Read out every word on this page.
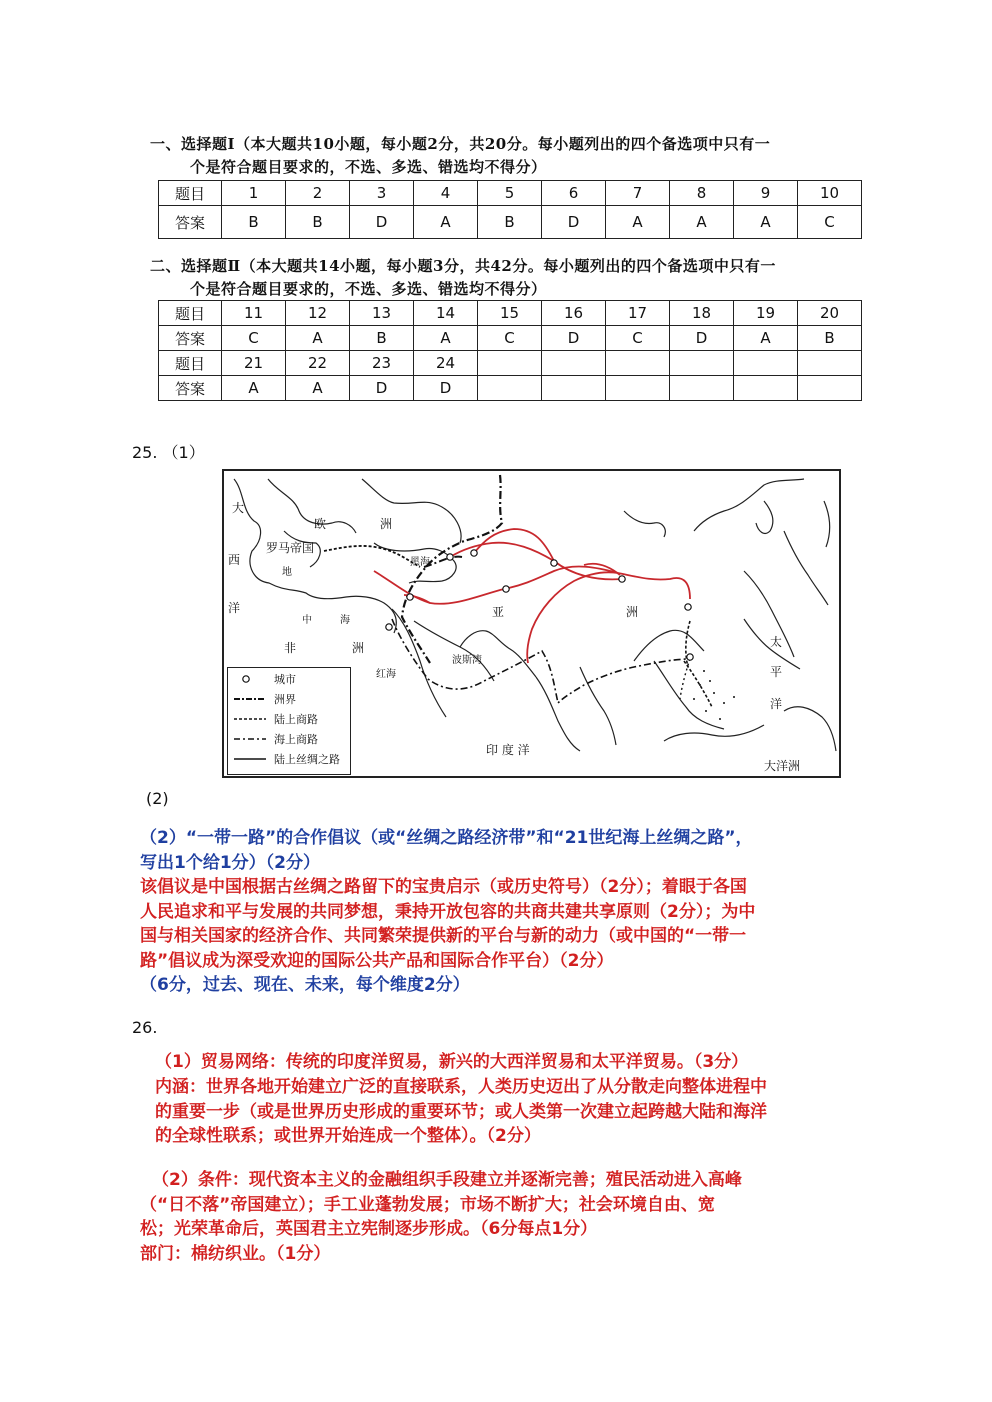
一、选择题Ⅰ（本大题共10小题，每小题2分，共20分。每小题列出的四个备选项中只有一
个是符合题目要求的，不选、多选、错选均不得分）
题目	1	2	3	4	5	6	7	8	9	10
答案	B	B	D	A	B	D	A	A	A	C
二、选择题Ⅱ（本大题共14小题，每小题3分，共42分。每小题列出的四个备选项中只有一
个是符合题目要求的，不选、多选、错选均不得分）
题目	11	12	13	14	15	16	17	18	19	20
答案	C	A	B	A	C	D	C	D	A	B
题目	21	22	23	24						
答案	A	A	D	D						
25. （1）
大
西
洋
欧	洲
罗马帝国
地
中	海
黑海
非	洲
亚	洲
红海
波斯湾
印 度 洋
太
平
洋
大洋洲
城市
洲界
陆上商路
海上商路
陆上丝绸之路
(2)
（2）“一带一路”的合作倡议（或“丝绸之路经济带”和“21世纪海上丝绸之路”，
写出1个给1分）（2分）
该倡议是中国根据古丝绸之路留下的宝贵启示（或历史符号）（2分）；着眼于各国
人民追求和平与发展的共同梦想，秉持开放包容的共商共建共享原则（2分）；为中
国与相关国家的经济合作、共同繁荣提供新的平台与新的动力（或中国的“一带一
路”倡议成为深受欢迎的国际公共产品和国际合作平台）（2分）
（6分，过去、现在、未来，每个维度2分）
26.
（1）贸易网络：传统的印度洋贸易，新兴的大西洋贸易和太平洋贸易。（3分）
内涵：世界各地开始建立广泛的直接联系，人类历史迈出了从分散走向整体进程中
的重要一步（或是世界历史形成的重要环节；或人类第一次建立起跨越大陆和海洋
的全球性联系；或世界开始连成一个整体）。（2分）
（2）条件：现代资本主义的金融组织手段建立并逐渐完善；殖民活动进入高峰
（“日不落”帝国建立）；手工业蓬勃发展；市场不断扩大；社会环境自由、宽
松；光荣革命后，英国君主立宪制逐步形成。（6分每点1分）
部门：棉纺织业。（1分）
